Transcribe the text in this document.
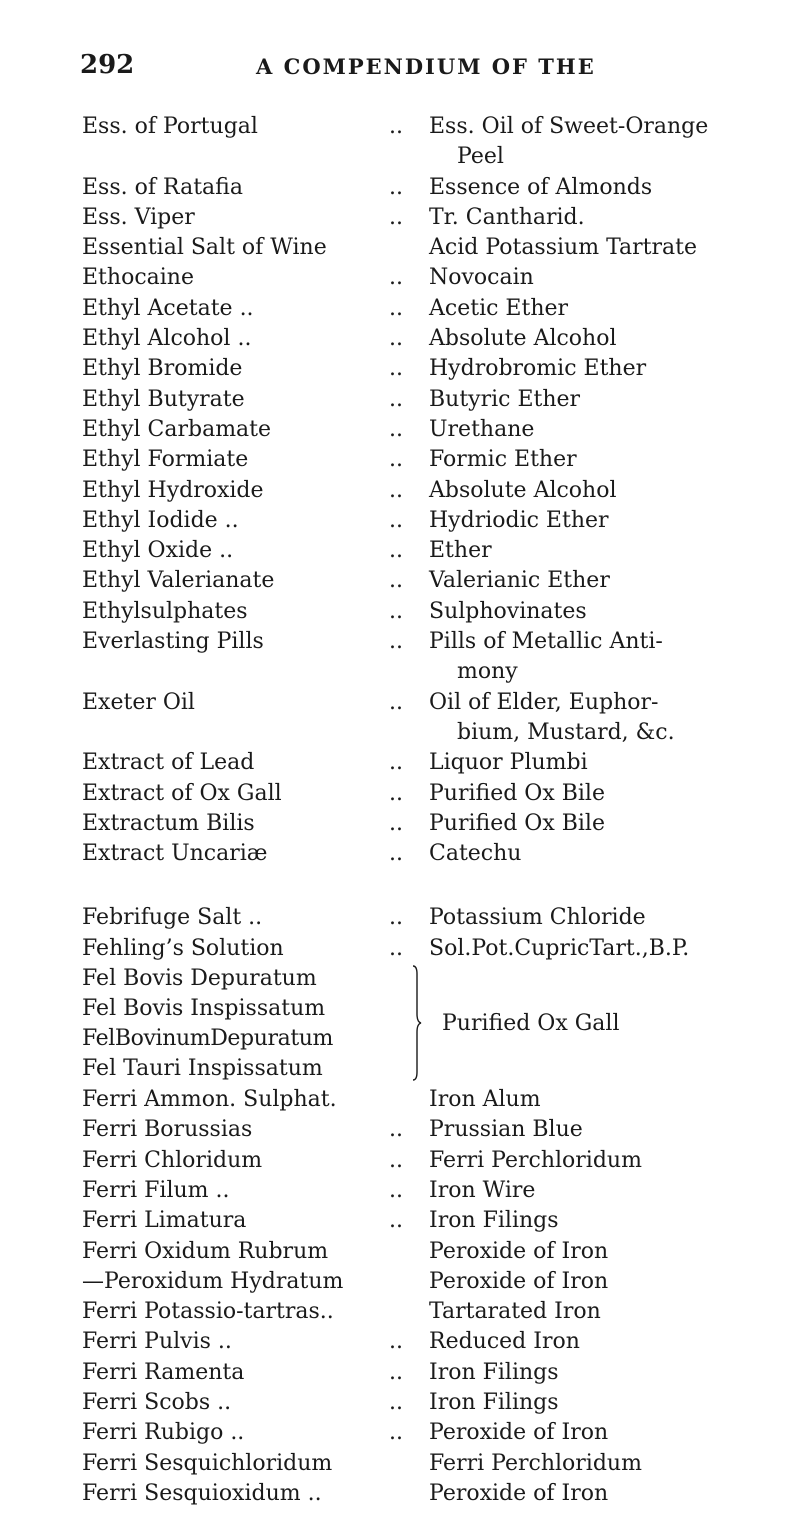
292	A COMPENDIUM OF THE
Ess. of Portugal	.. Ess. Oil of Sweet-Orange
Peel
Ess. of Ratafia	.. Essence of Almonds
Ess. Viper	.. Tr. Cantharid.
Essential Salt of Wine	Acid Potassium Tartrate
Ethocaine	.. Novocain
Ethyl Acetate ..	.. Acetic Ether
Ethyl Alcohol ..	.. Absolute Alcohol
Ethyl Bromide	.. Hydrobromic Ether
Ethyl Butyrate	.. Butyric Ether
Ethyl Carbamate	.. Urethane
Ethyl Formiate	.. Formic Ether
Ethyl Hydroxide	.. Absolute Alcohol
Ethyl Iodide ..	.. Hydriodic Ether
Ethyl Oxide ..	.. Ether
Ethyl Valerianate	.. Valerianic Ether
Ethylsulphates	.. Sulphovinates
Everlasting Pills	.. Pills of Metallic Anti-
mony
Exeter Oil	.. Oil of Elder, Euphor-
bium, Mustard, &c.
Extract of Lead	.. Liquor Plumbi
Extract of Ox Gall	.. Purified Ox Bile
Extractum Bilis	.. Purified Ox Bile
Extract Uncariæ	.. Catechu
Febrifuge Salt ..	.. Potassium Chloride
Fehling’s Solution	.. Sol.Pot.CupricTart.,B.P.
Fel Bovis Depuratum
Fel Bovis Inspissatum
FelBovinumDepuratum
Fel Tauri Inspissatum
Purified Ox Gall
Ferri Ammon. Sulphat.	Iron Alum
Ferri Borussias	.. Prussian Blue
Ferri Chloridum	.. Ferri Perchloridum
Ferri Filum ..	.. Iron Wire
Ferri Limatura	.. Iron Filings
Ferri Oxidum Rubrum	Peroxide of Iron
—Peroxidum Hydratum	Peroxide of Iron
Ferri Potassio-tartras..	Tartarated Iron
Ferri Pulvis ..	.. Reduced Iron
Ferri Ramenta	.. Iron Filings
Ferri Scobs ..	.. Iron Filings
Ferri Rubigo ..	.. Peroxide of Iron
Ferri Sesquichloridum	Ferri Perchloridum
Ferri Sesquioxidum ..	Peroxide of Iron
